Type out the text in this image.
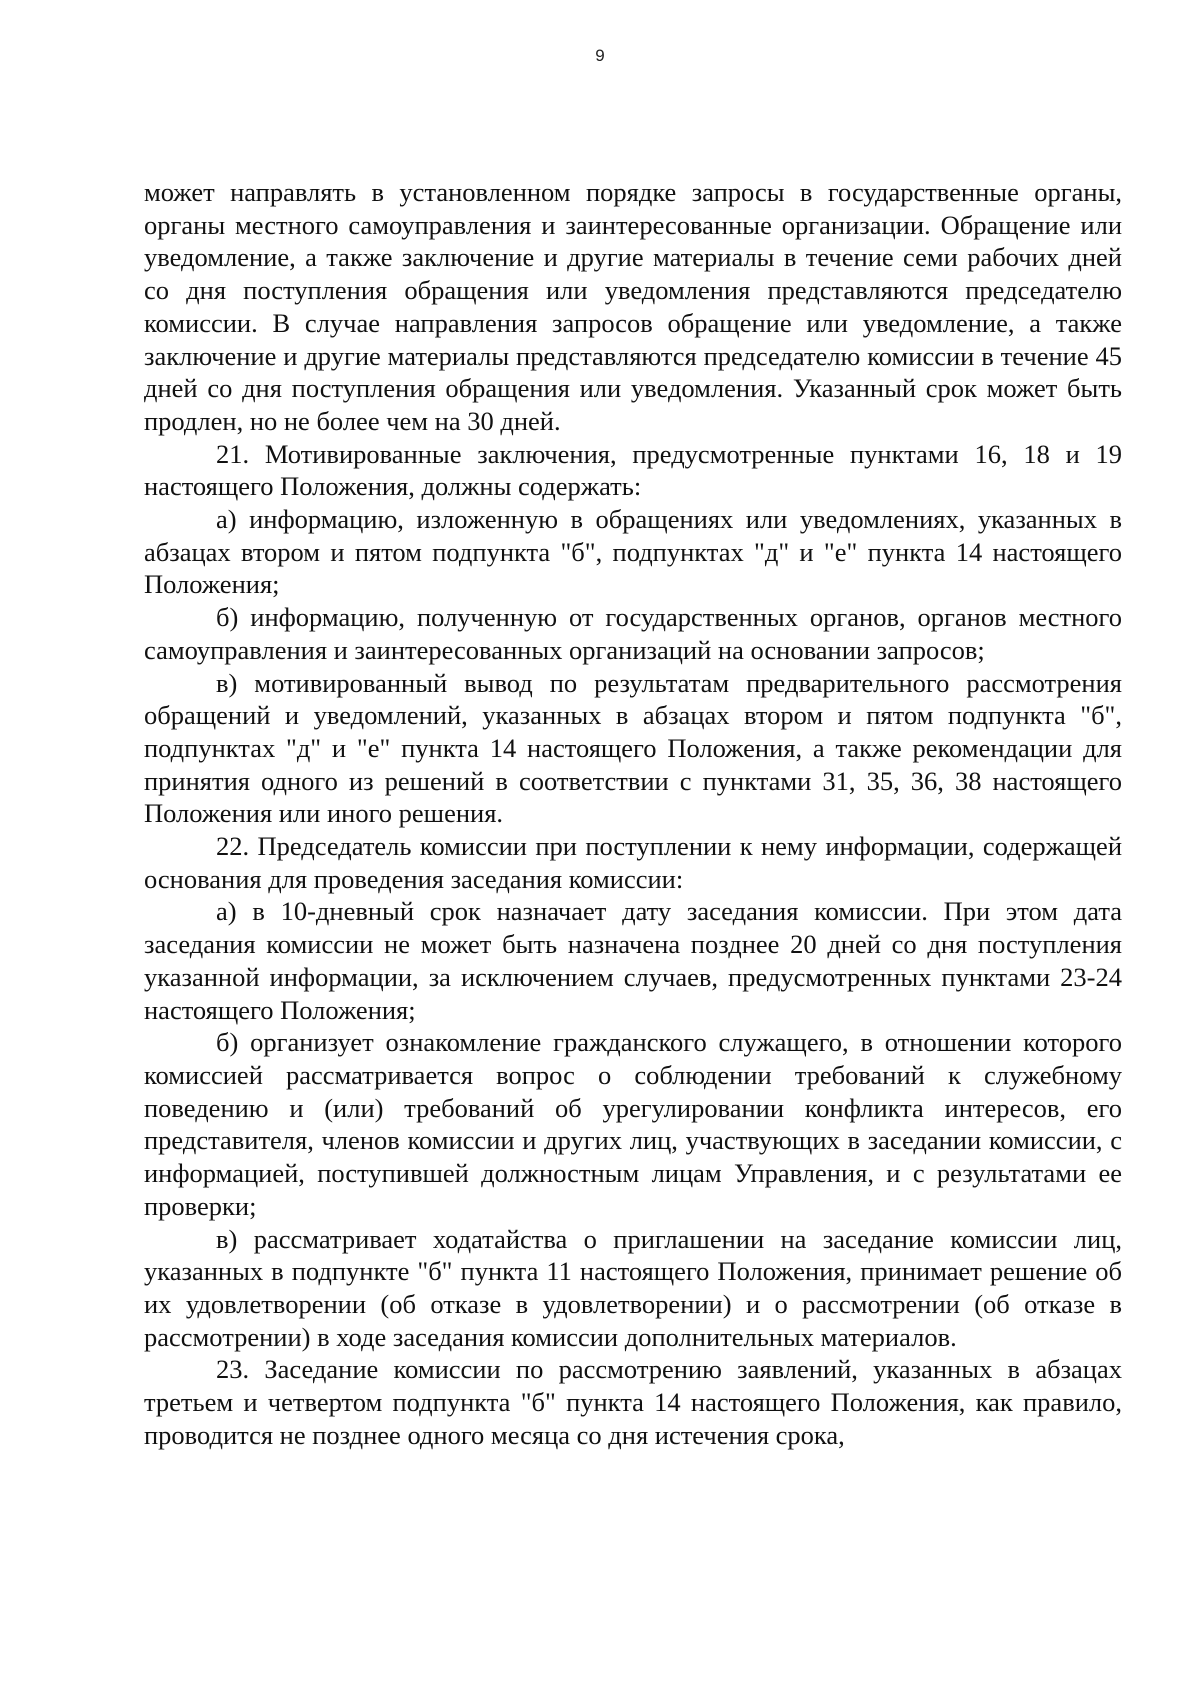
9

может направлять в установленном порядке запросы в государственные органы, органы местного самоуправления и заинтересованные организации. Обращение или уведомление, а также заключение и другие материалы в течение семи рабочих дней со дня поступления обращения или уведомления представляются председателю комиссии. В случае направления запросов обращение или уведомление, а также заключение и другие материалы представляются председателю комиссии в течение 45 дней со дня поступления обращения или уведомления. Указанный срок может быть продлен, но не более чем на 30 дней.

21. Мотивированные заключения, предусмотренные пунктами 16, 18 и 19 настоящего Положения, должны содержать:

а) информацию, изложенную в обращениях или уведомлениях, указанных в абзацах втором и пятом подпункта "б", подпунктах "д" и "е" пункта 14 настоящего Положения;

б) информацию, полученную от государственных органов, органов местного самоуправления и заинтересованных организаций на основании запросов;

в) мотивированный вывод по результатам предварительного рассмотрения обращений и уведомлений, указанных в абзацах втором и пятом подпункта "б", подпунктах "д" и "е" пункта 14 настоящего Положения, а также рекомендации для принятия одного из решений в соответствии с пунктами 31, 35, 36, 38 настоящего Положения или иного решения.

22. Председатель комиссии при поступлении к нему информации, содержащей основания для проведения заседания комиссии:

а) в 10-дневный срок назначает дату заседания комиссии. При этом дата заседания комиссии не может быть назначена позднее 20 дней со дня поступления указанной информации, за исключением случаев, предусмотренных пунктами 23-24 настоящего Положения;

б) организует ознакомление гражданского служащего, в отношении которого комиссией рассматривается вопрос о соблюдении требований к служебному поведению и (или) требований об урегулировании конфликта интересов, его представителя, членов комиссии и других лиц, участвующих в заседании комиссии, с информацией, поступившей должностным лицам Управления, и с результатами ее проверки;

в) рассматривает ходатайства о приглашении на заседание комиссии лиц, указанных в подпункте "б" пункта 11 настоящего Положения, принимает решение об их удовлетворении (об отказе в удовлетворении) и о рассмотрении (об отказе в рассмотрении) в ходе заседания комиссии дополнительных материалов.

23. Заседание комиссии по рассмотрению заявлений, указанных в абзацах третьем и четвертом подпункта "б" пункта 14 настоящего Положения, как правило, проводится не позднее одного месяца со дня истечения срока,
